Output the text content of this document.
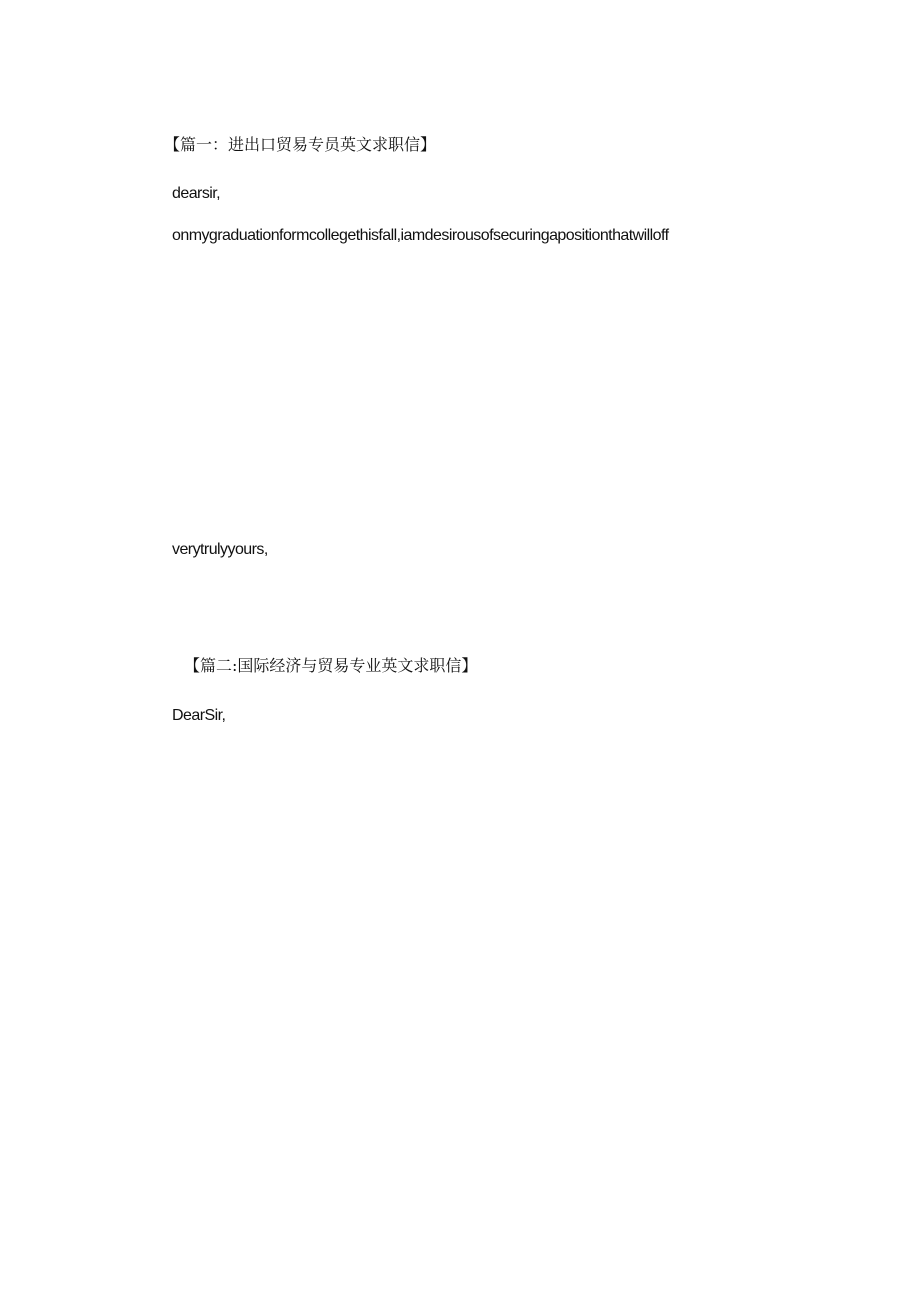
【篇一：进出口贸易专员英文求职信】
dearsir,
onmygraduationformcollegethisfall,iamdesirousofsecuringapositionthatwilloff
verytrulyyours,
【篇二:国际经济与贸易专业英文求职信】
DearSir,
